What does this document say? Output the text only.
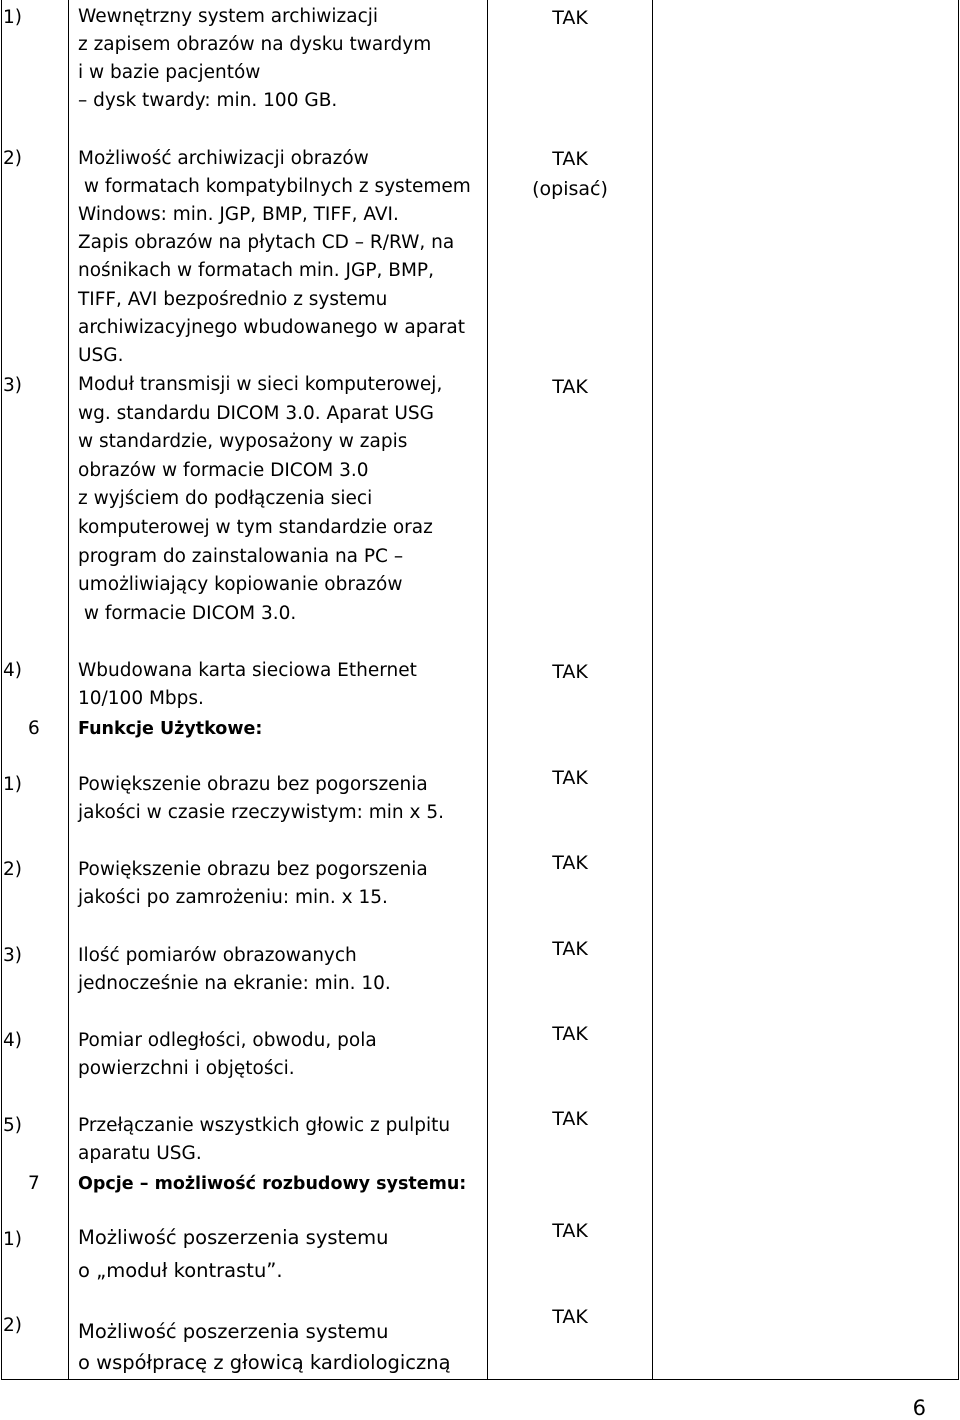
1)	Wewnętrzny system archiwizacji
z zapisem obrazów na dysku twardym
i w bazie pacjentów
– dysk twardy: min. 100 GB.
TAK
2)	Możliwość archiwizacji obrazów
w formatach kompatybilnych z systemem
Windows: min. JGP, BMP, TIFF, AVI.
Zapis obrazów na płytach CD – R/RW, na
nośnikach w formatach min. JGP, BMP,
TIFF, AVI bezpośrednio z systemu
archiwizacyjnego wbudowanego w aparat
USG.
TAK
(opisać)
3)	Moduł transmisji w sieci komputerowej,
wg. standardu DICOM 3.0. Aparat USG
w standardzie, wyposażony w zapis
obrazów w formacie DICOM 3.0
z wyjściem do podłączenia sieci
komputerowej w tym standardzie oraz
program do zainstalowania na PC –
umożliwiający kopiowanie obrazów
w formacie DICOM 3.0.
TAK
4)	Wbudowana karta sieciowa Ethernet
10/100 Mbps.
TAK
6 Funkcje Użytkowe:
1)	Powiększenie obrazu bez pogorszenia
jakości w czasie rzeczywistym: min x 5.
TAK
2)	Powiększenie obrazu bez pogorszenia
jakości po zamrożeniu: min. x 15.
TAK
3)	Ilość pomiarów obrazowanych
jednocześnie na ekranie: min. 10.
TAK
4)	Pomiar odległości, obwodu, pola
powierzchni i objętości.
TAK
5)	Przełączanie wszystkich głowic z pulpitu
aparatu USG.
TAK
7 Opcje – możliwość rozbudowy systemu:
1)	Możliwość poszerzenia systemu
o „moduł kontrastu”.
TAK
2)	Możliwość poszerzenia systemu
o współpracę z głowicą kardiologiczną
TAK
6
